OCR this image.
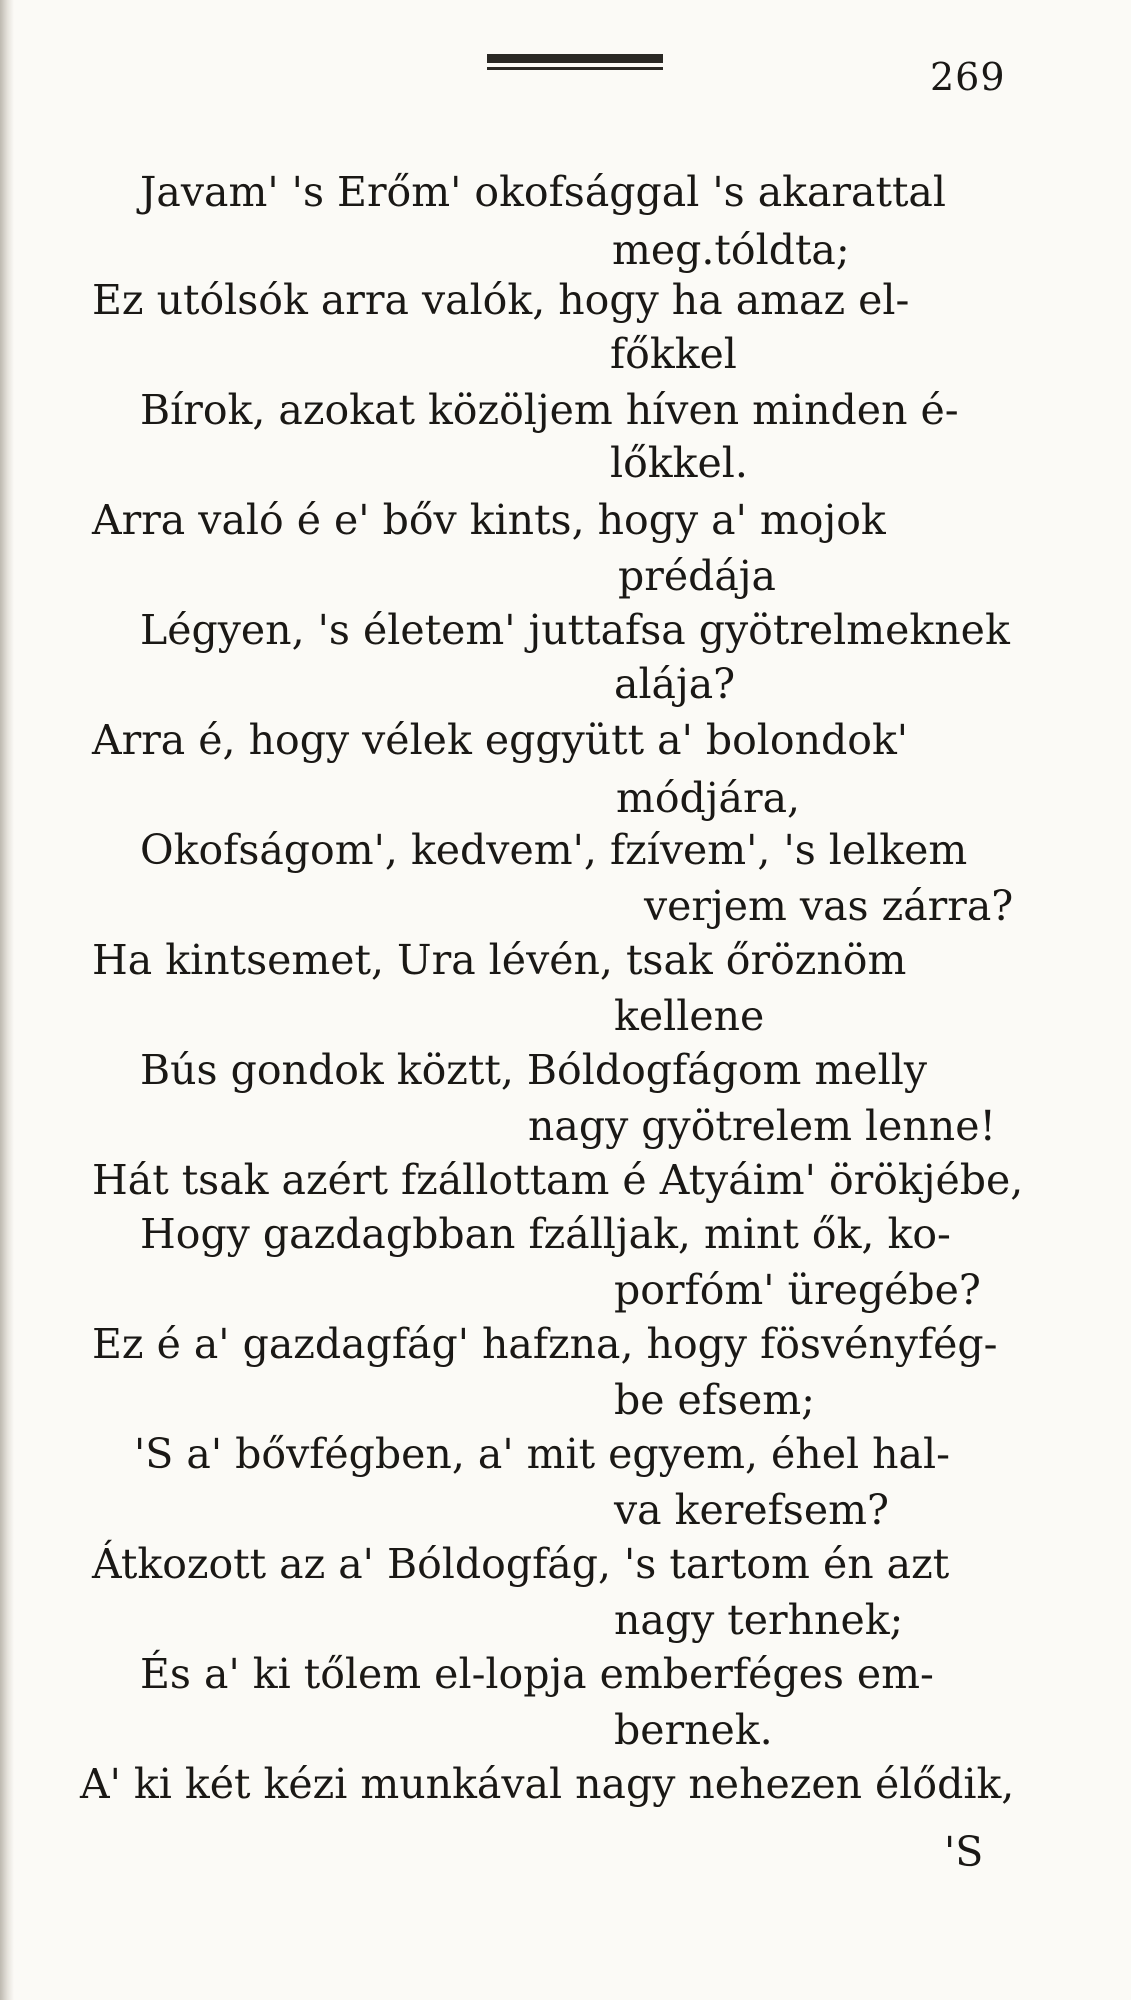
269
Javam' 's Erőm' okofsággal 's akarattal
meg.tóldta;
Ez utólsók arra valók, hogy ha amaz el-
főkkel
Bírok, azokat közöljem híven minden é-
lőkkel.
Arra való é e' bőv kints, hogy a' mojok
prédája
Légyen, 's életem' juttafsa gyötrelmeknek
alája?
Arra é, hogy vélek eggyütt a' bolondok'
módjára,
Okofságom', kedvem', fzívem', 's lelkem
verjem vas zárra?
Ha kintsemet, Ura lévén, tsak őröznöm
kellene
Bús gondok köztt, Bóldogfágom melly
nagy gyötrelem lenne!
Hát tsak azért fzállottam é Atyáim' örökjébe,
Hogy gazdagbban fzálljak, mint ők, ko-
porfóm' üregébe?
Ez é a' gazdagfág' hafzna, hogy fösvényfég-
be efsem;
'S a' bővfégben, a' mit egyem, éhel hal-
va kerefsem?
Átkozott az a' Bóldogfág, 's tartom én azt
nagy terhnek;
És a' ki tőlem el-lopja emberféges em-
bernek.
A' ki két kézi munkával nagy nehezen élődik,
'S
